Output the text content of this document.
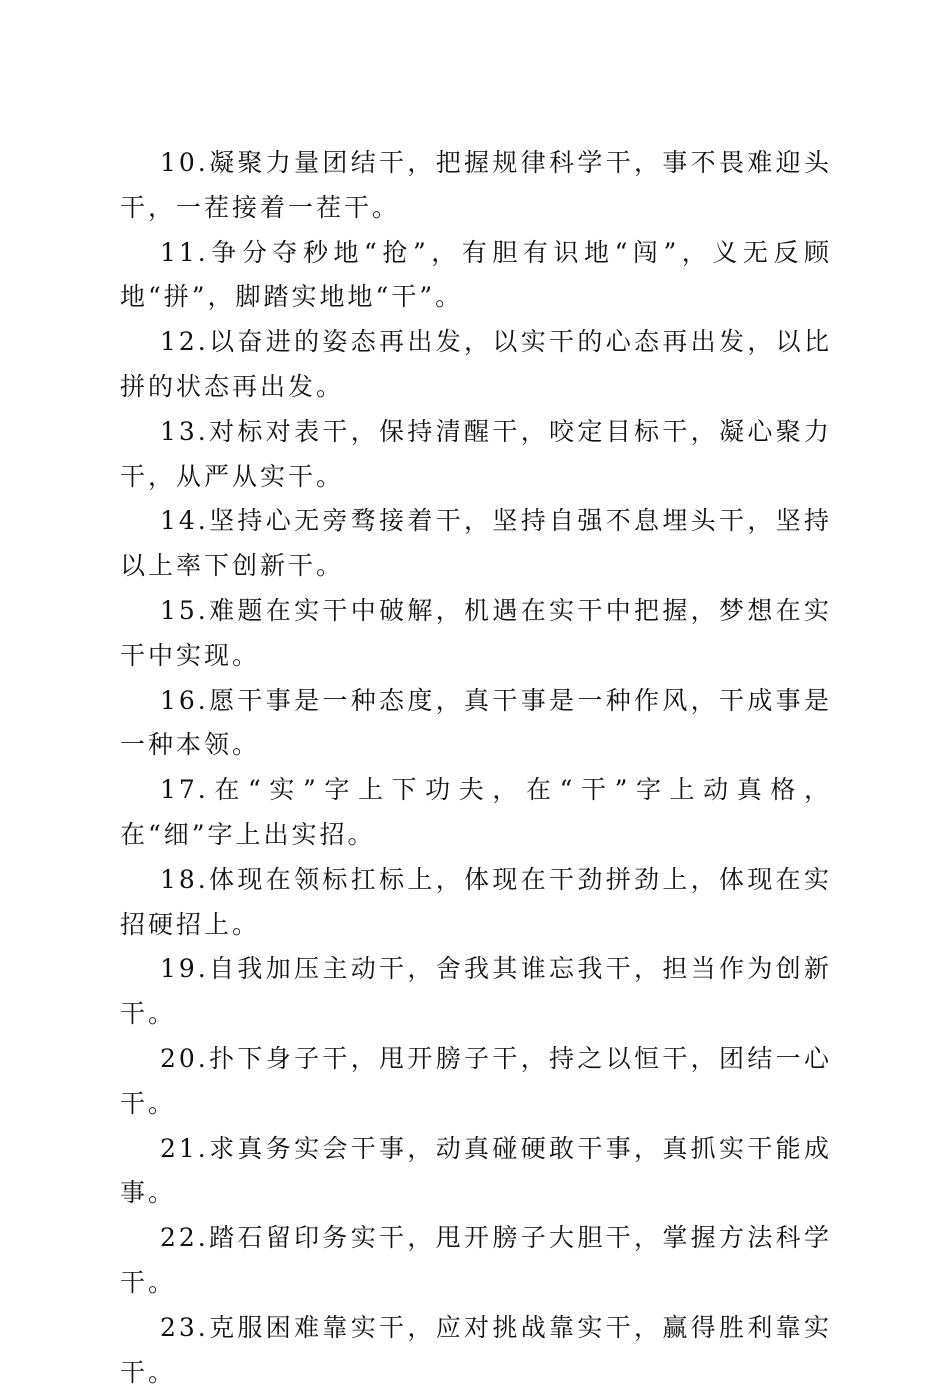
10.凝聚力量团结干，把握规律科学干，事不畏难迎头干，一茬接着一茬干。

11.争分夺秒地“抢”，有胆有识地“闯”，义无反顾地“拼”，脚踏实地地“干”。

12.以奋进的姿态再出发，以实干的心态再出发，以比拼的状态再出发。

13.对标对表干，保持清醒干，咬定目标干，凝心聚力干，从严从实干。

14.坚持心无旁骛接着干，坚持自强不息埋头干，坚持以上率下创新干。

15.难题在实干中破解，机遇在实干中把握，梦想在实干中实现。

16.愿干事是一种态度，真干事是一种作风，干成事是一种本领。

17.在“实”字上下功夫，在“干”字上动真格，在“细”字上出实招。

18.体现在领标扛标上，体现在干劲拼劲上，体现在实招硬招上。

19.自我加压主动干，舍我其谁忘我干，担当作为创新干。

20.扑下身子干，甩开膀子干，持之以恒干，团结一心干。

21.求真务实会干事，动真碰硬敢干事，真抓实干能成事。

22.踏石留印务实干，甩开膀子大胆干，掌握方法科学干。

23.克服困难靠实干，应对挑战靠实干，赢得胜利靠实干。
